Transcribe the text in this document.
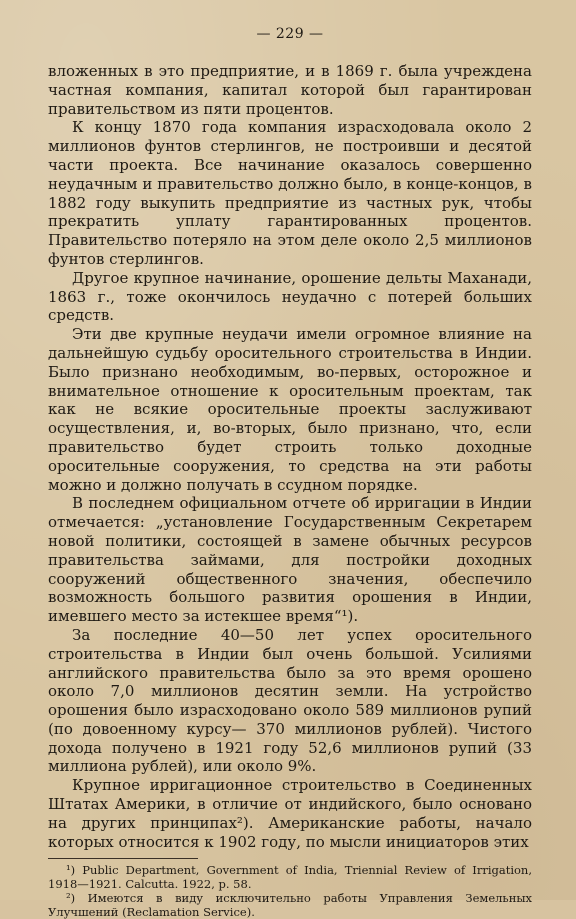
— 229 —

вложенных в это предприятие, и в 1869 г. была учреждена частная компания, капитал которой был гарантирован правительством из пяти процентов.

К концу 1870 года компания израсходовала около 2 миллионов фунтов стерлингов, не построивши и десятой части проекта. Все начинание оказалось совершенно неудачным и правительство должно было, в конце-концов, в 1882 году выкупить предприятие из частных рук, чтобы прекратить уплату гарантированных процентов. Правительство потеряло на этом деле около 2,5 миллионов фунтов стерлингов.

Другое крупное начинание, орошение дельты Маханади, 1863 г., тоже окончилось неудачно с потерей больших средств.

Эти две крупные неудачи имели огромное влияние на дальнейшую судьбу оросительного строительства в Индии. Было признано необходимым, во-первых, осторожное и внимательное отношение к оросительным проектам, так как не всякие оросительные проекты заслуживают осуществления, и, во-вторых, было признано, что, если правительство будет строить только доходные оросительные сооружения, то средства на эти работы можно и должно получать в ссудном порядке.

В последнем официальном отчете об ирригации в Индии отмечается: „установление Государственным Секретарем новой политики, состоящей в замене обычных ресурсов правительства займами, для постройки доходных сооружений общественного значения, обеспечило возможность большого развития орошения в Индии, имевшего место за истекшее время“¹).

За последние 40—50 лет успех оросительного строительства в Индии был очень большой. Усилиями английского правительства было за это время орошено около 7,0 миллионов десятин земли. На устройство орошения было израсходовано около 589 миллионов рупий (по довоенному курсу— 370 миллионов рублей). Чистого дохода получено в 1921 году 52,6 миллионов рупий (33 миллиона рублей), или около 9%.

Крупное ирригационное строительство в Соединенных Штатах Америки, в отличие от индийского, было основано на других принципах²). Американские работы, начало которых относится к 1902 году, по мысли инициаторов этих

¹) Public Department, Government of India, Triennial Review of Irrigation, 1918—1921. Calcutta. 1922, p. 58.

²) Имеются в виду исключительно работы Управления Земельных Улучшений (Reclamation Service).
